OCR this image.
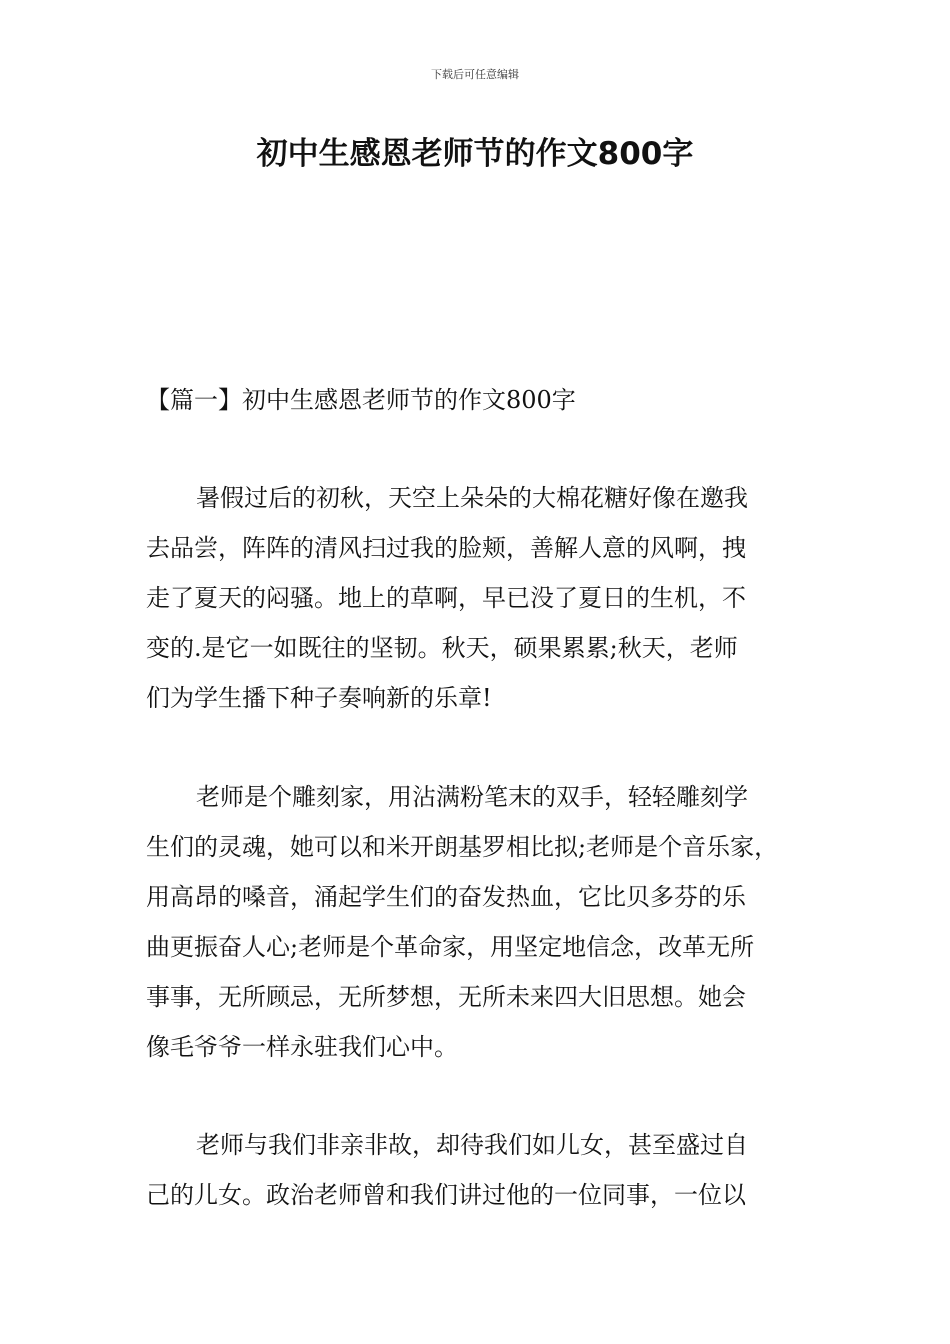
下载后可任意编辑
初中生感恩老师节的作文800字
【篇一】初中生感恩老师节的作文800字

暑假过后的初秋，天空上朵朵的大棉花糖好像在邀我
去品尝，阵阵的清风扫过我的脸颊，善解人意的风啊，拽
走了夏天的闷骚。地上的草啊，早已没了夏日的生机，不
变的.是它一如既往的坚韧。秋天，硕果累累;秋天，老师
们为学生播下种子奏响新的乐章!

老师是个雕刻家，用沾满粉笔末的双手，轻轻雕刻学
生们的灵魂，她可以和米开朗基罗相比拟;老师是个音乐家，
用高昂的嗓音，涌起学生们的奋发热血，它比贝多芬的乐
曲更振奋人心;老师是个革命家，用坚定地信念，改革无所
事事，无所顾忌，无所梦想，无所未来四大旧思想。她会
像毛爷爷一样永驻我们心中。

老师与我们非亲非故，却待我们如儿女，甚至盛过自
己的儿女。政治老师曾和我们讲过他的一位同事，一位以
